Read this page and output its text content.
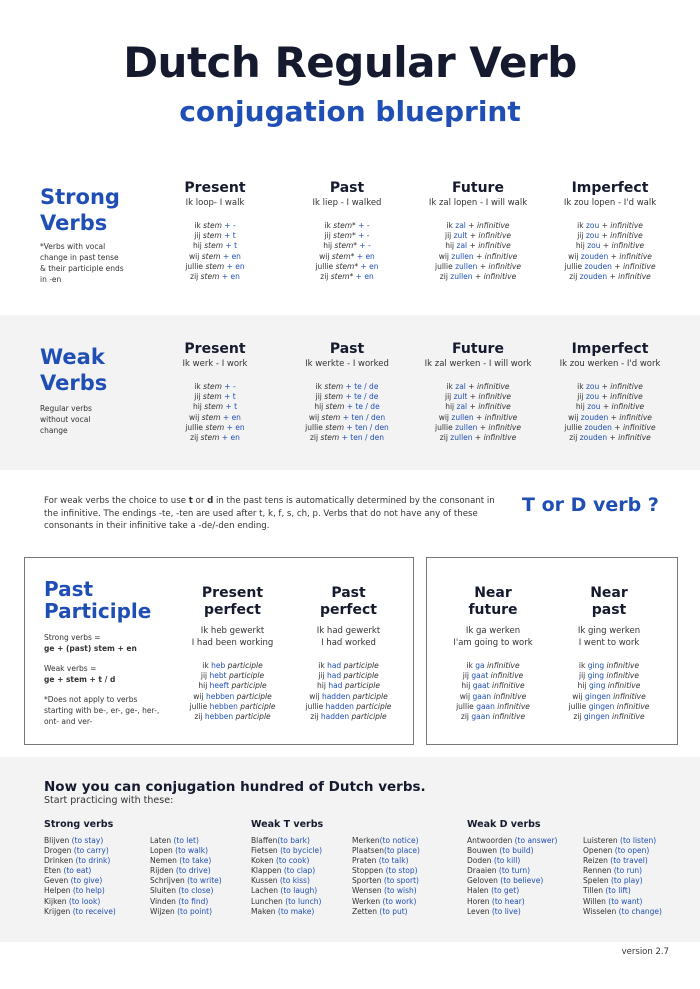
Dutch Regular Verb
conjugation blueprint
Strong
Verbs
*Verbs with vocal change in past tense & their participle ends in -en
Present
Ik loop- I walk
ik stem + -
jij stem + t
hij stem + t
wij stem + en
jullie stem + en
zij stem + en
Past
Ik liep - I walked
ik stem* + -
jij stem* + -
hij stem* + -
wij stem* + en
jullie stem* + en
zij stem* + en
Future
Ik zal lopen - I will walk
ik zal + infinitive
jij zult + infinitive
hij zal + infinitive
wij zullen + infinitive
jullie zullen + infinitive
zij zullen + infinitive
Imperfect
Ik zou lopen - I'd walk
ik zou + infinitive
jij zou + infinitive
hij zou + infinitive
wij zouden + infinitive
jullie zouden + infinitive
zij zouden + infinitive
Weak
Verbs
Regular verbs without vocal change
Present
Ik werk - I work
ik stem + -
jij stem + t
hij stem + t
wij stem + en
jullie stem + en
zij stem + en
Past
Ik werkte - I worked
ik stem + te / de
jij stem + te / de
hij stem + te / de
wij stem + ten / den
jullie stem + ten / den
zij stem + ten / den
Future
Ik zal werken - I will work
ik zal + infinitive
jij zult + infinitive
hij zal + infinitive
wij zullen + infinitive
jullie zullen + infinitive
zij zullen + infinitive
Imperfect
Ik zou werken - I'd work
ik zou + infinitive
jij zou + infinitive
hij zou + infinitive
wij zouden + infinitive
jullie zouden + infinitive
zij zouden + infinitive
For weak verbs the choice to use t or d in the past tens is automatically determined by the consonant in the infinitive. The endings -te, -ten are used after t, k, f, s, ch, p. Verbs that do not have any of these consonants in their infinitive take a -de/-den ending.
T or D verb ?
Past
Participle
Strong verbs =
ge + (past) stem + en
Weak verbs =
ge + stem + t / d
*Does not apply to verbs starting with be-, er-, ge-, her-, ont- and ver-
Present
perfect
Ik heb gewerkt
I had been working
ik heb participle
jij hebt participle
hij heeft participle
wij hebben participle
jullie hebben participle
zij hebben participle
Past
perfect
Ik had gewerkt
I had worked
ik had participle
jij had participle
hij had participle
wij hadden participle
jullie hadden participle
zij hadden participle
Near
future
Ik ga werken
I'am going to work
ik ga infinitive
jij gaat infinitive
hij gaat infinitive
wij gaan infinitive
jullie gaan infinitive
zij gaan infinitive
Near
past
Ik ging werken
I went to work
ik ging infinitive
jij ging infinitive
hij ging infinitive
wij gingen infinitive
jullie gingen infinitive
zij gingen infinitive
Now you can conjugation hundred of Dutch verbs.
Start practicing with these:
Strong verbs
Blijven (to stay)
Drogen (to carry)
Drinken (to drink)
Eten (to eat)
Geven (to give)
Helpen (to help)
Kijken (to look)
Krijgen (to receive)
Laten (to let)
Lopen (to walk)
Nemen (to take)
Rijden (to drive)
Schrijven (to write)
Sluiten (to close)
Vinden (to find)
Wijzen (to point)
Weak T verbs
Blaffen(to bark)
Fietsen (to bycicle)
Koken (to cook)
Klappen (to clap)
Kussen (to kiss)
Lachen (to laugh)
Lunchen (to lunch)
Maken (to make)
Merken(to notice)
Plaatsen(to place)
Praten (to talk)
Stoppen (to stop)
Sporten (to sport)
Wensen (to wish)
Werken (to work)
Zetten (to put)
Weak D verbs
Antwoorden (to answer)
Bouwen (to build)
Doden (to kill)
Draaien (to turn)
Geloven (to believe)
Halen (to get)
Horen (to hear)
Leven (to live)
Luisteren (to listen)
Openen (to open)
Reizen (to travel)
Rennen (to run)
Spelen (to play)
Tillen (to lift)
Willen (to want)
Wisselen (to change)
version 2.7
